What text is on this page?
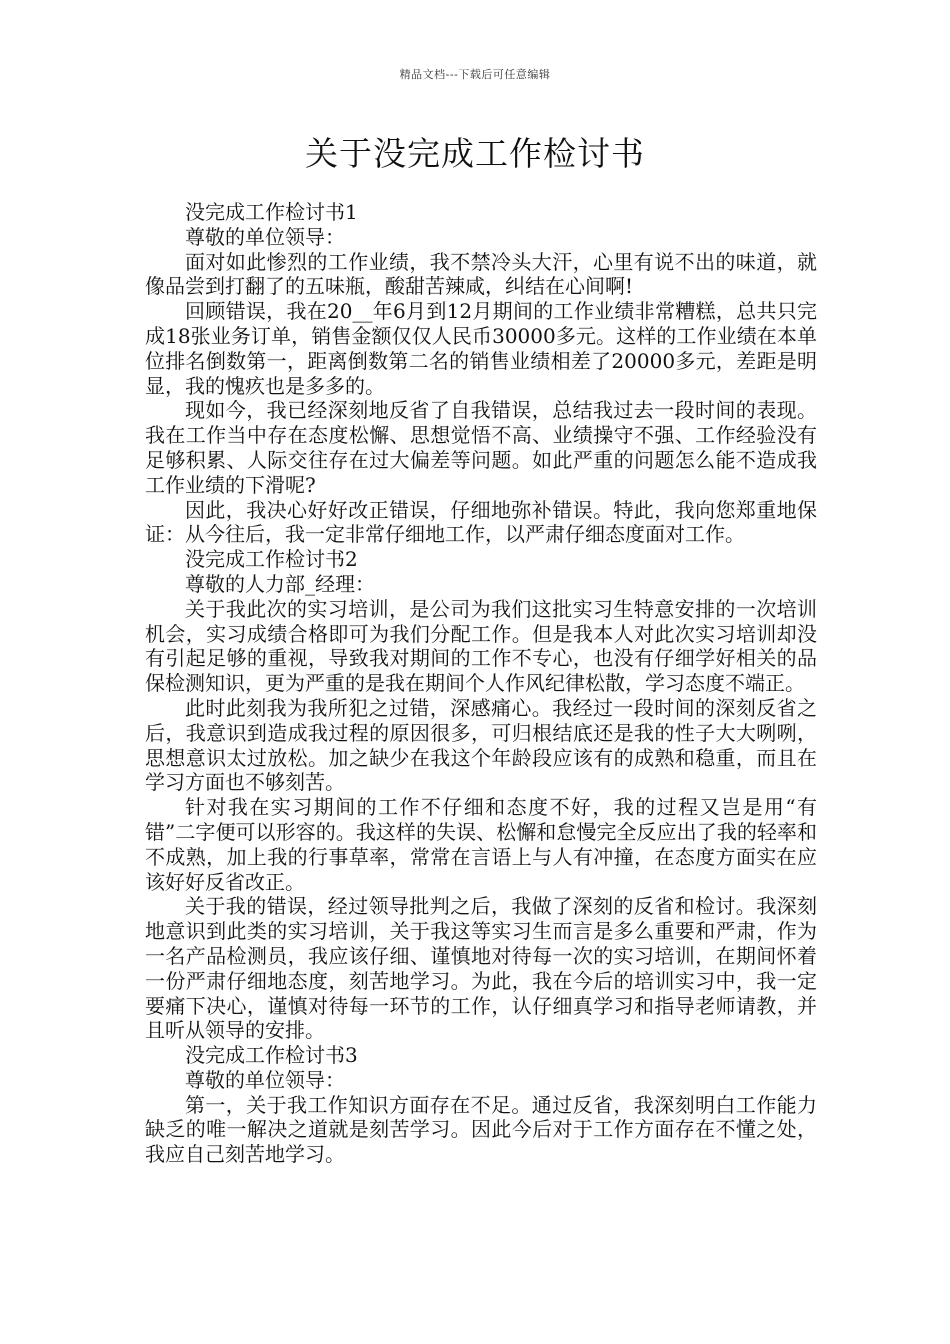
精品文档---下载后可任意编辑
关于没完成工作检讨书

没完成工作检讨书1

尊敬的单位领导：

面对如此惨烈的工作业绩，我不禁冷头大汗，心里有说不出的味道，就像品尝到打翻了的五味瓶，酸甜苦辣咸，纠结在心间啊!

回顾错误，我在20__年6月到12月期间的工作业绩非常糟糕，总共只完成18张业务订单，销售金额仅仅人民币30000多元。这样的工作业绩在本单位排名倒数第一，距离倒数第二名的销售业绩相差了20000多元，差距是明显，我的愧疚也是多多的。

现如今，我已经深刻地反省了自我错误，总结我过去一段时间的表现。我在工作当中存在态度松懈、思想觉悟不高、业绩操守不强、工作经验没有足够积累、人际交往存在过大偏差等问题。如此严重的问题怎么能不造成我工作业绩的下滑呢?

因此，我决心好好改正错误，仔细地弥补错误。特此，我向您郑重地保证：从今往后，我一定非常仔细地工作，以严肃仔细态度面对工作。

没完成工作检讨书2

尊敬的人力部_经理：

关于我此次的实习培训，是公司为我们这批实习生特意安排的一次培训机会，实习成绩合格即可为我们分配工作。但是我本人对此次实习培训却没有引起足够的重视，导致我对期间的工作不专心，也没有仔细学好相关的品保检测知识，更为严重的是我在期间个人作风纪律松散，学习态度不端正。

此时此刻我为我所犯之过错，深感痛心。我经过一段时间的深刻反省之后，我意识到造成我过程的原因很多，可归根结底还是我的性子大大咧咧，思想意识太过放松。加之缺少在我这个年龄段应该有的成熟和稳重，而且在学习方面也不够刻苦。

针对我在实习期间的工作不仔细和态度不好，我的过程又岂是用“有错”二字便可以形容的。我这样的失误、松懈和怠慢完全反应出了我的轻率和不成熟，加上我的行事草率，常常在言语上与人有冲撞，在态度方面实在应该好好反省改正。

关于我的错误，经过领导批判之后，我做了深刻的反省和检讨。我深刻地意识到此类的实习培训，关于我这等实习生而言是多么重要和严肃，作为一名产品检测员，我应该仔细、谨慎地对待每一次的实习培训，在期间怀着一份严肃仔细地态度，刻苦地学习。为此，我在今后的培训实习中，我一定要痛下决心，谨慎对待每一环节的工作，认仔细真学习和指导老师请教，并且听从领导的安排。

没完成工作检讨书3

尊敬的单位领导：

第一，关于我工作知识方面存在不足。通过反省，我深刻明白工作能力缺乏的唯一解决之道就是刻苦学习。因此今后对于工作方面存在不懂之处，我应自己刻苦地学习。
